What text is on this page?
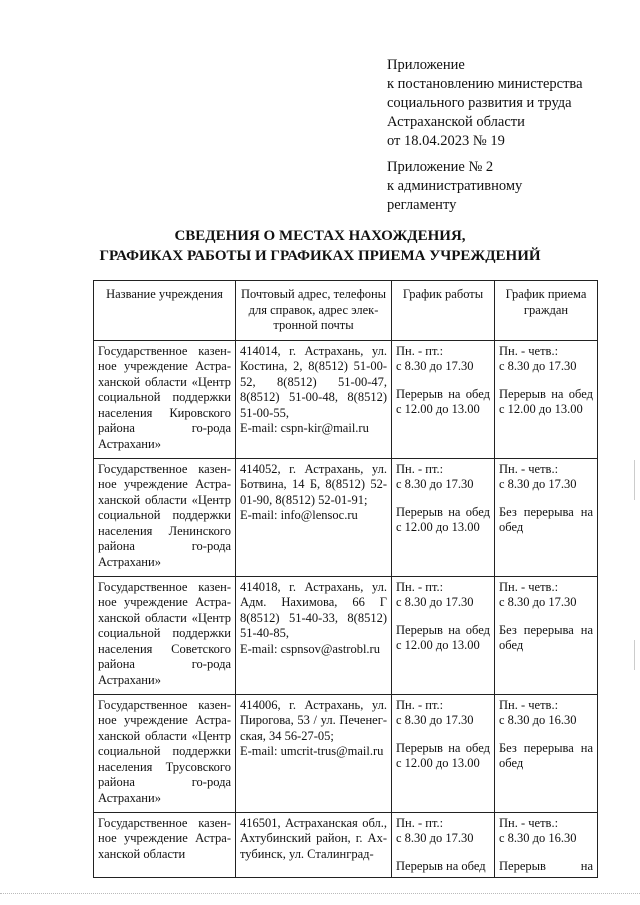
Приложение
к постановлению министерства
социального развития и труда
Астраханской области
от 18.04.2023 № 19
Приложение № 2
к административному
регламенту
СВЕДЕНИЯ О МЕСТАХ НАХОЖДЕНИЯ,
ГРАФИКАХ РАБОТЫ И ГРАФИКАХ ПРИЕМА УЧРЕЖДЕНИЙ
Название учреждения	Почтовый адрес, телефоны для справок, адрес элек-тронной почты	График работы	График приема граждан
Государственное казен-ное учреждение Астра-ханской области «Центр социальной поддержки населения Кировского района го-рода Астрахани»	414014, г. Астрахань, ул. Костина, 2, 8(8512) 51-00-52, 8(8512) 51-00-47, 8(8512) 51-00-48, 8(8512) 51-00-55,
E-mail: cspn-kir@mail.ru	Пн. - пт.:
с 8.30 до 17.30
Перерыв на обед с 12.00 до 13.00	Пн. - четв.:
с 8.30 до 17.30
Перерыв на обед с 12.00 до 13.00

Государственное казен-ное учреждение Астра-ханской области «Центр социальной поддержки населения Ленинского района го-рода Астрахани»	414052, г. Астрахань, ул. Ботвина, 14 Б, 8(8512) 52-01-90, 8(8512) 52-01-91;
E-mail: info@lensoc.ru	Пн. - пт.:
с 8.30 до 17.30
Перерыв на обед с 12.00 до 13.00	Пн. - четв.:
с 8.30 до 17.30
Без перерыва на обед

Государственное казен-ное учреждение Астра-ханской области «Центр социальной поддержки населения Советского района го-рода Астрахани»	414018, г. Астрахань, ул. Адм. Нахимова, 66 Г 8(8512) 51-40-33, 8(8512) 51-40-85,
E-mail: cspnsov@astrobl.ru	Пн. - пт.:
с 8.30 до 17.30
Перерыв на обед с 12.00 до 13.00	Пн. - четв.:
с 8.30 до 17.30
Без перерыва на обед

Государственное казен-ное учреждение Астра-ханской области «Центр социальной поддержки населения Трусовского района го-рода Астрахани»	414006, г. Астрахань, ул. Пирогова, 53 / ул. Печенег-ская, 34 56-27-05;
E-mail: umcrit-trus@mail.ru	Пн. - пт.:
с 8.30 до 17.30
Перерыв на обед с 12.00 до 13.00	Пн. - четв.:
с 8.30 до 16.30
Без перерыва на обед

Государственное казен-ное учреждение Астра-ханской области	416501, Астраханская обл., Ахтубинский район, г. Ах-тубинск, ул. Сталинград-	Пн. - пт.:
с 8.30 до 17.30
Перерыв на обед	Пн. - четв.:
с 8.30 до 16.30
Перерыв на
